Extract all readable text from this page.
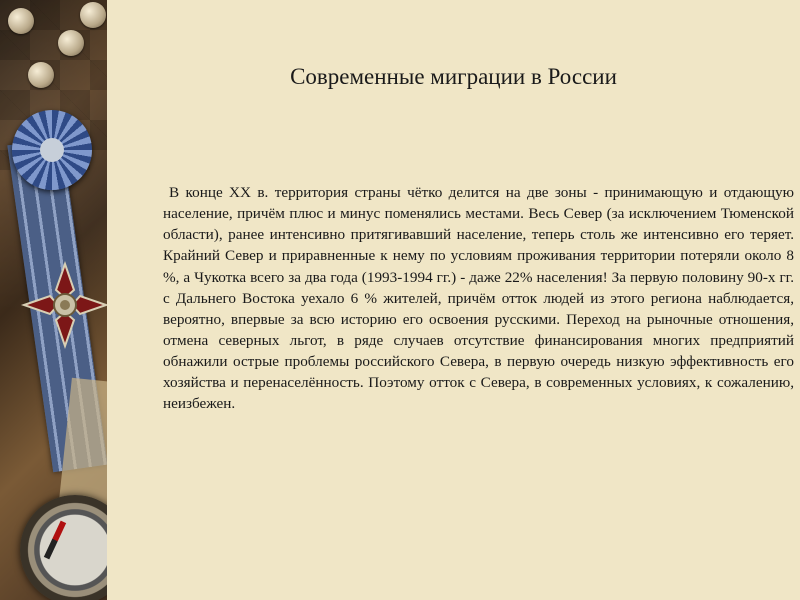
Современные миграции в России

В конце XX в. территория страны чётко делится на две зоны - принимающую и отдающую население, причём плюс и минус поменялись местами. Весь Север (за исключением Тюменской области), ранее интенсивно притягивавший население, теперь столь же интенсивно его теряет. Крайний Север и приравненные к нему по условиям проживания территории потеряли около 8 %, а Чукотка всего за два года (1993-1994 гг.) - даже 22% населения! За первую половину 90-х гг. с Дальнего Востока уехало 6 % жителей, причём отток людей из этого региона наблюдается, вероятно, впервые за всю историю его освоения русскими. Переход на рыночные отношения, отмена северных льгот, в ряде случаев отсутствие финансирования многих предприятий обнажили острые проблемы российского Севера, в первую очередь низкую эффективность его хозяйства и перенаселённость. Поэтому отток с Севера, в современных условиях, к сожалению, неизбежен.
